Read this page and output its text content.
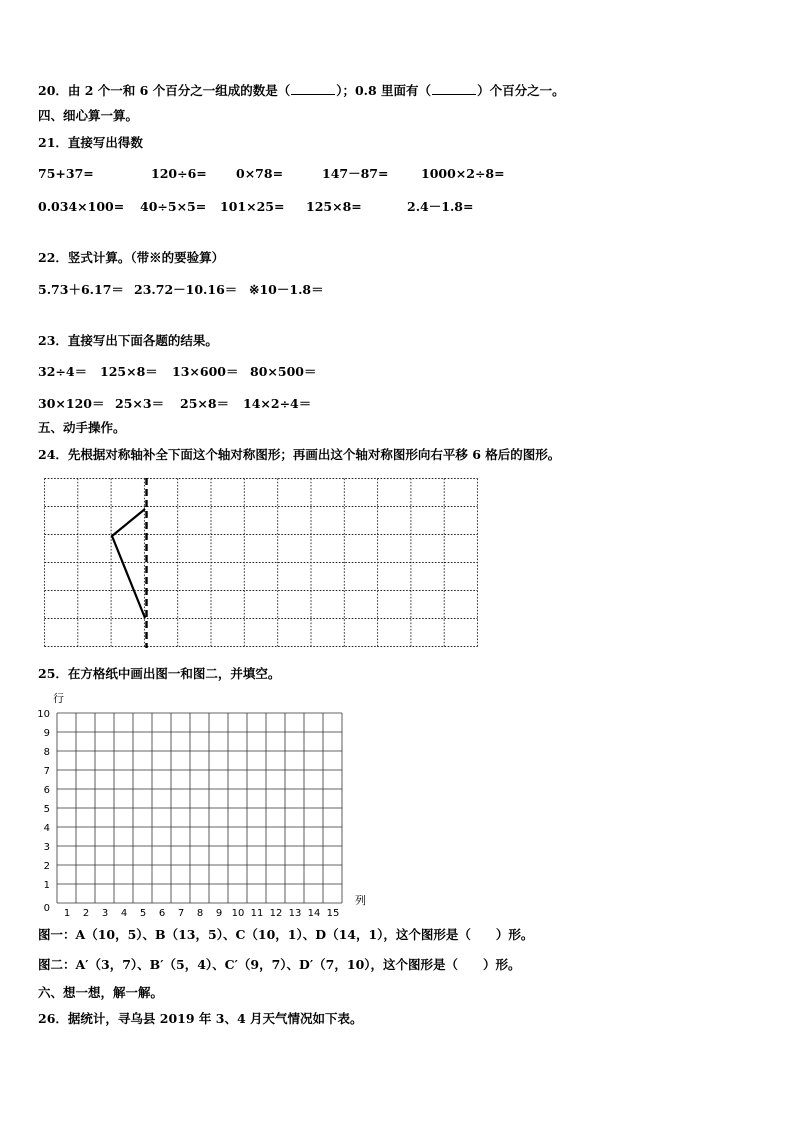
20．由 2 个一和 6 个百分之一组成的数是（	）；0.8 里面有（	）个百分之一。
四、细心算一算。
21．直接写出得数
75+37=	120÷6= 0×78=	147－87=	1000×2÷8=
0.034×100= 40÷5×5= 101×25= 125×8=	2.4－1.8=
22．竖式计算。（带※的要验算）
5.73＋6.17＝ 23.72－10.16＝ ※10－1.8＝
23．直接写出下面各题的结果。
32÷4＝ 125×8＝ 13×600＝ 80×500＝
30×120＝ 25×3＝ 25×8＝ 14×2÷4＝
五、动手操作。
24．先根据对称轴补全下面这个轴对称图形；再画出这个轴对称图形向右平移 6 格后的图形。
25．在方格纸中画出图一和图二，并填空。
行
10
9
8
7
6
5
4
3
2
1
0 1 2 3 4 5 6 7 8 9 10 11 12 13 14 15
列
图一：A（10，5）、B（13，5）、C（10，1）、D（14，1），这个图形是（　　）形。
图二：A′（3，7）、B′（5，4）、C′（9，7）、D′（7，10），这个图形是（　　）形。
六、想一想，解一解。
26．据统计，寻乌县 2019 年 3、4 月天气情况如下表。
